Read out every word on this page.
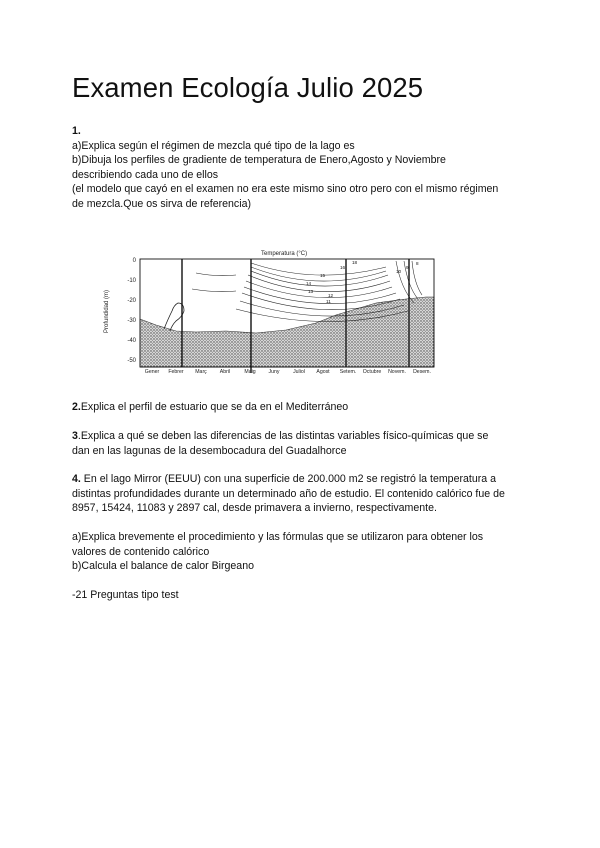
Examen Ecología Julio 2025

1.

a)Explica según el régimen de mezcla qué tipo de la lago es

b)Dibuja los perfiles de gradiente de temperatura de Enero,Agosto y Noviembre

describiendo cada uno de ellos

(el modelo que cayó en el examen no era este mismo sino otro pero con el mismo régimen

de mezcla.Que os sirva de referencia)

Temperatura (°C)
Profundidad (m)
0
-10
-20
-30
-40
-50
14
16
18
11
12
13
15
10
9
8
Gener Febrer Març	Abril	Maig Juny	Juliol Agost Setem. Octubre Novem. Desem.

2.Explica el perfil de estuario que se da en el Mediterráneo

3.Explica a qué se deben las diferencias de las distintas variables físico-químicas que se

dan en las lagunas de la desembocadura del Guadalhorce

4. En el lago Mirror (EEUU) con una superficie de 200.000 m2 se registró la temperatura a

distintas profundidades durante un determinado año de estudio. El contenido calórico fue de

8957, 15424, 11083 y 2897 cal, desde primavera a invierno, respectivamente.

a)Explica brevemente el procedimiento y las fórmulas que se utilizaron para obtener los

valores de contenido calórico

b)Calcula el balance de calor Birgeano

-21 Preguntas tipo test
